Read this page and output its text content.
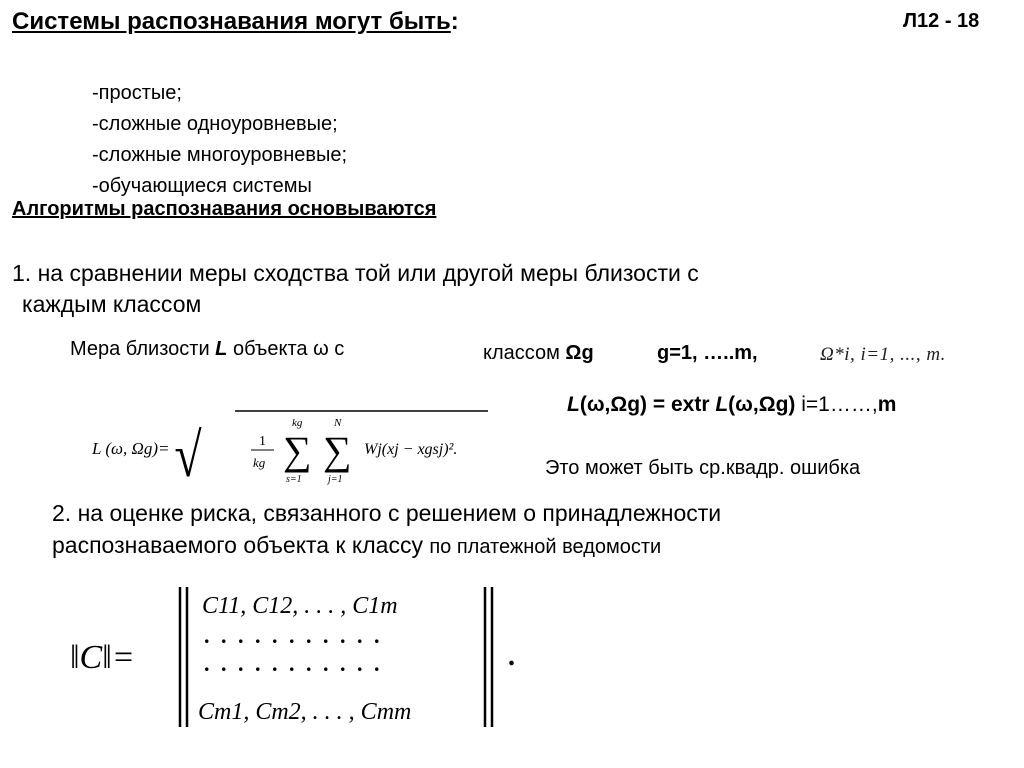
Системы распознавания могут быть:	Л12 - 18
-простые;
-сложные одноуровневые;
-сложные многоуровневые;
-обучающиеся системы
Алгоритмы распознавания основываются
1. на сравнении меры сходства той или другой меры близости с
каждым классом
Мера близости L объекта ω с	классом Ωg	g=1, …..m,	Ω*i, i=1, ..., m.
L(ω,Ωg) = extr L(ω,Ωg) i=1……,m
L (ω, Ωg)= √	1
kg
kg
∑
s=1
N
∑
j=1
Wj(xj − xgsj)².
Это может быть ср.квадр. ошибка
2. на оценке риска, связанного с решением о принадлежности
распознаваемого объекта к классу по платежной ведомости
‖C‖=
C11, C12, . . . , C1m
. . . . . . . . . . .
. . . . . . . . . . .
Cm1, Cm2, . . . , Cmm
.
